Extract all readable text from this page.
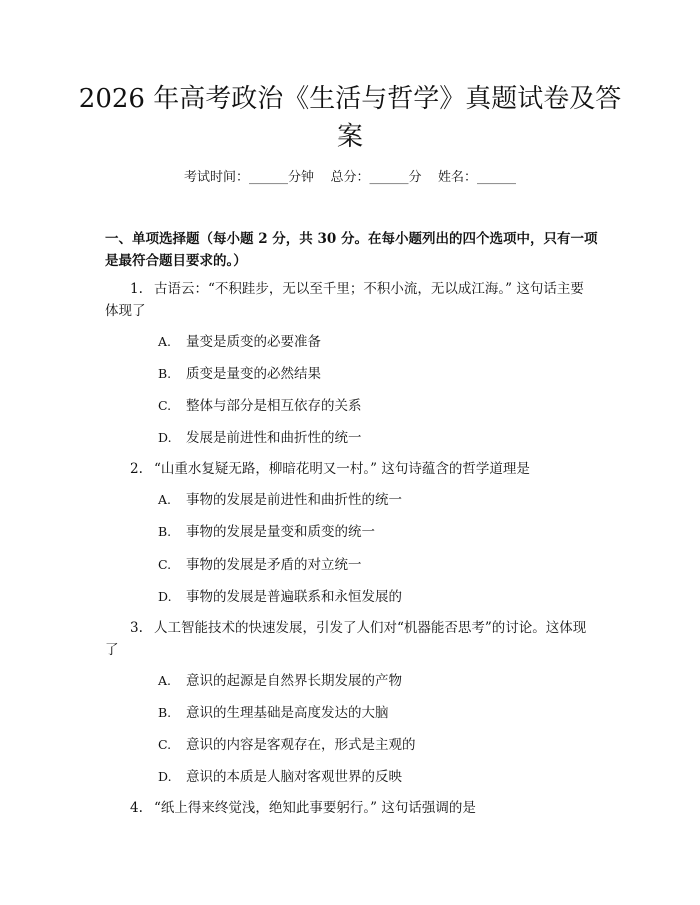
2026 年高考政治《生活与哲学》真题试卷及答案
考试时间：______分钟    总分：______分    姓名：______
一、单项选择题（每小题 2 分，共 30 分。在每小题列出的四个选项中，只有一项是最符合题目要求的。）
1. 古语云：“不积跬步，无以至千里；不积小流，无以成江海。” 这句话主要体现了
A. 量变是质变的必要准备
B. 质变是量变的必然结果
C. 整体与部分是相互依存的关系
D. 发展是前进性和曲折性的统一
2. “山重水复疑无路，柳暗花明又一村。” 这句诗蕴含的哲学道理是
A. 事物的发展是前进性和曲折性的统一
B. 事物的发展是量变和质变的统一
C. 事物的发展是矛盾的对立统一
D. 事物的发展是普遍联系和永恒发展的
3. 人工智能技术的快速发展，引发了人们对“机器能否思考”的讨论。这体现了
A. 意识的起源是自然界长期发展的产物
B. 意识的生理基础是高度发达的大脑
C. 意识的内容是客观存在，形式是主观的
D. 意识的本质是人脑对客观世界的反映
4. “纸上得来终觉浅，绝知此事要躬行。” 这句话强调的是
